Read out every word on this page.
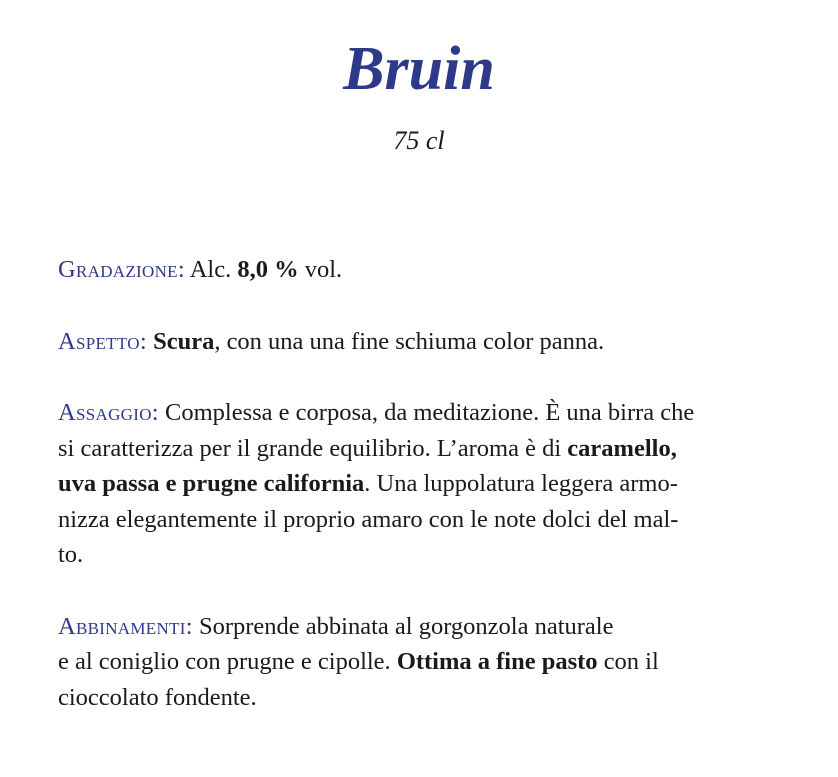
Bruin
75 cl

Gradazione: Alc. 8,0 % vol.

Aspetto: Scura, con una una fine schiuma color panna.

Assaggio: Complessa e corposa, da meditazione. È una birra che
si caratterizza per il grande equilibrio. L’aroma è di caramello,
uva passa e prugne california. Una luppolatura leggera armo-
nizza elegantemente il proprio amaro con le note dolci del mal-
to.

Abbinamenti: Sorprende abbinata al gorgonzola naturale
e al coniglio con prugne e cipolle. Ottima a fine pasto con il
cioccolato fondente.
